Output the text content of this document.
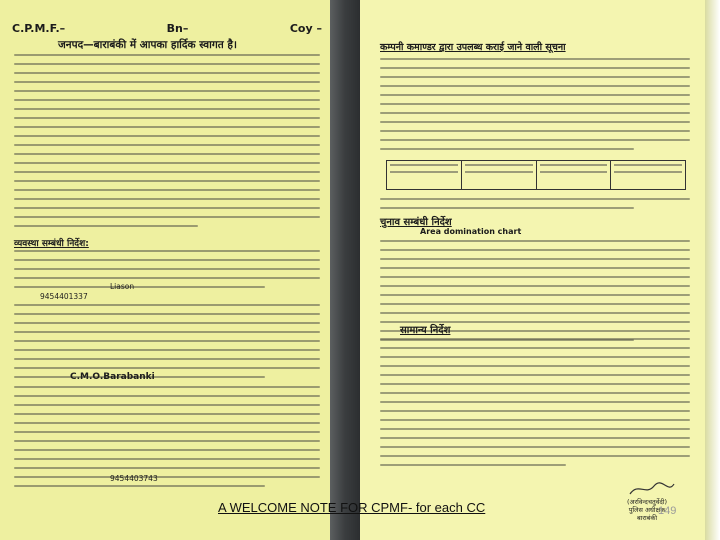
C.P.M.F.–	Bn–	Coy –
जनपद—बाराबंकी में आपका हार्दिक स्वागत है।
व्यवस्था सम्बंधी निर्देश:
Liason
9454401337
C.M.O.Barabanki
9454403743
कम्पनी कमाण्डर द्वारा उपलब्ध कराई जाने वाली सूचना
चुनाव सम्बंधी निर्देश
Area domination chart
सामान्य निर्देश
(अरविन्दचतुर्वेदी)
पुलिस अधीक्षक
बाराबंकी
A WELCOME NOTE FOR CPMF- for each CC	149
